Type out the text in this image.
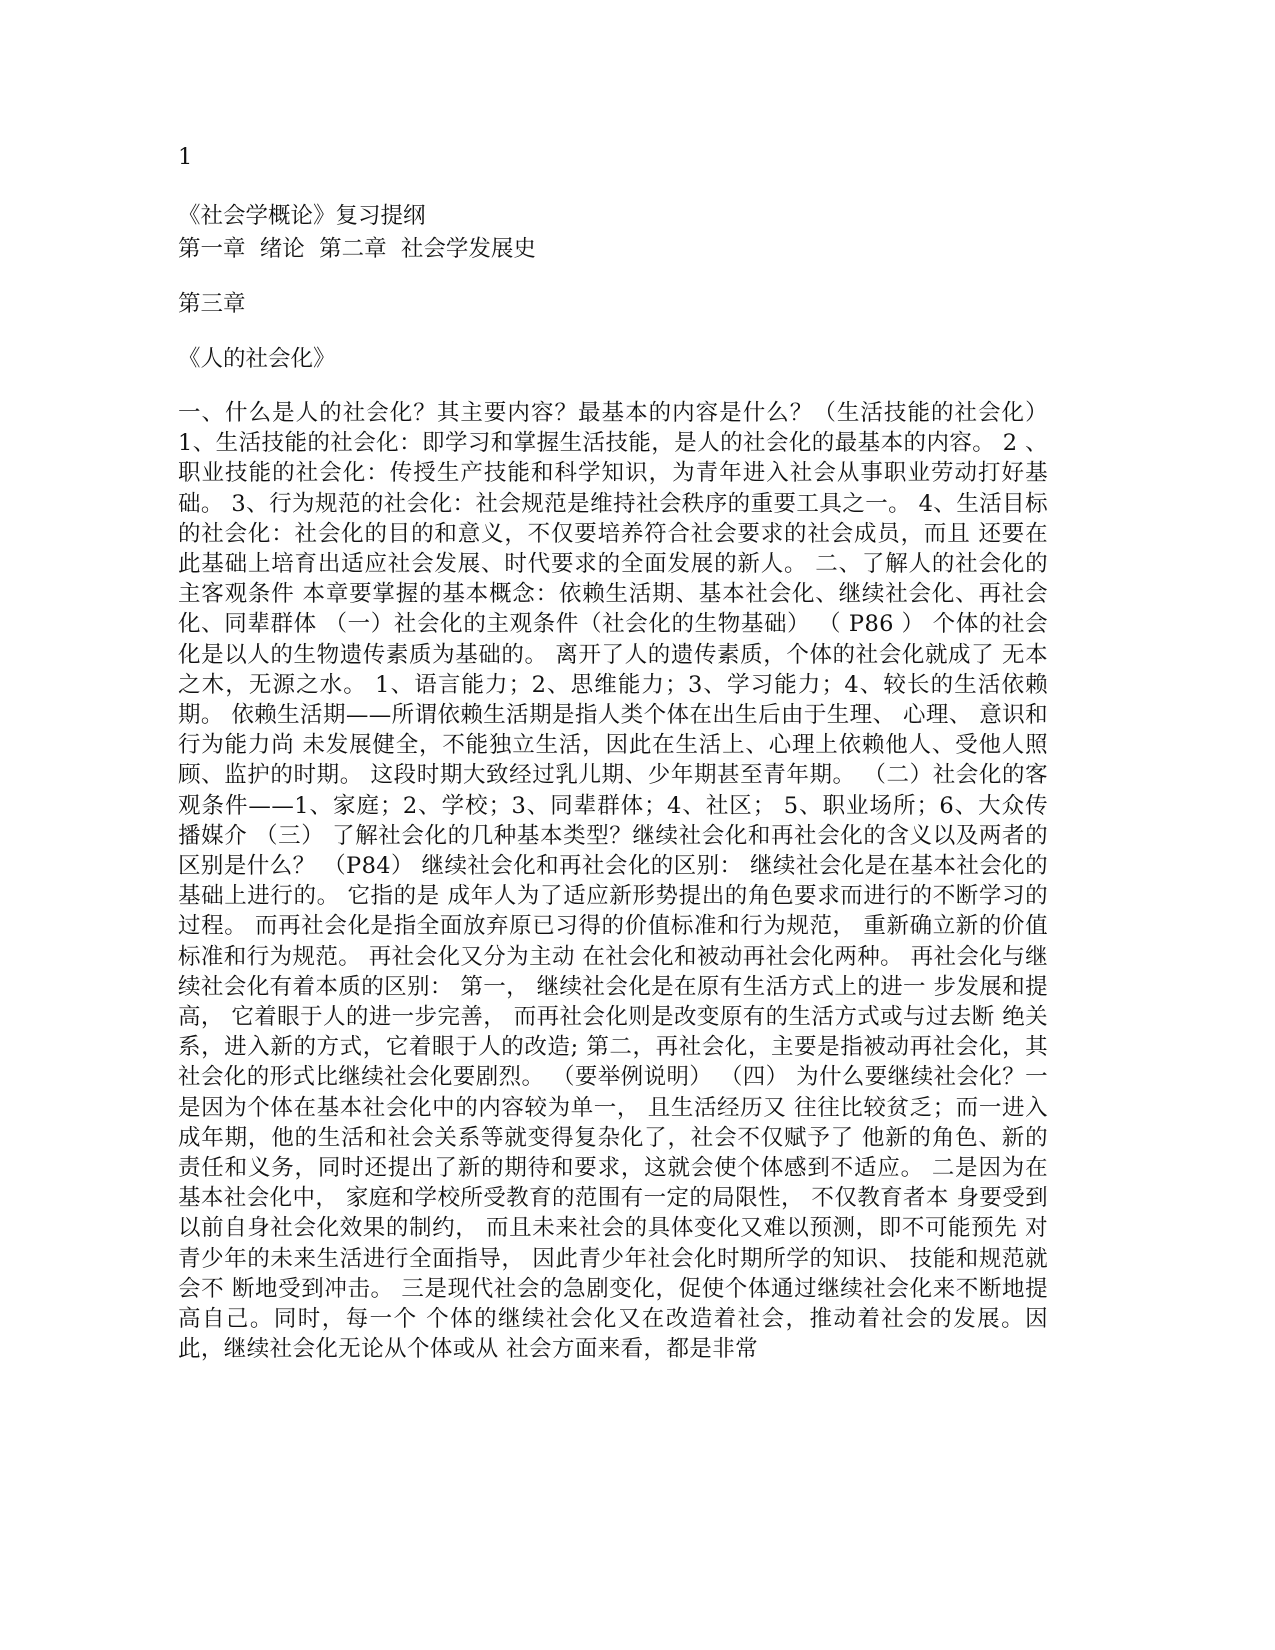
1
《社会学概论》复习提纲
第一章  绪论  第二章  社会学发展史
第三章
《人的社会化》

一、什么是人的社会化？其主要内容？最基本的内容是什么？（生活技能的社会化） 1、生活技能的社会化：即学习和掌握生活技能，是人的社会化的最基本的内容。 2 、职业技能的社会化：传授生产技能和科学知识，为青年进入社会从事职业劳动打好基础。 3、行为规范的社会化：社会规范是维持社会秩序的重要工具之一。 4、生活目标的社会化：社会化的目的和意义，不仅要培养符合社会要求的社会成员，而且 还要在此基础上培育出适应社会发展、时代要求的全面发展的新人。 二、了解人的社会化的主客观条件 本章要掌握的基本概念：依赖生活期、基本社会化、继续社会化、再社会化、同辈群体 （一）社会化的主观条件（社会化的生物基础） （ P86 ） 个体的社会化是以人的生物遗传素质为基础的。 离开了人的遗传素质，个体的社会化就成了 无本之木，无源之水。 1、语言能力；2、思维能力；3、学习能力；4、较长的生活依赖期。 依赖生活期——所谓依赖生活期是指人类个体在出生后由于生理、 心理、 意识和行为能力尚 未发展健全，不能独立生活，因此在生活上、心理上依赖他人、受他人照顾、监护的时期。 这段时期大致经过乳儿期、少年期甚至青年期。 （二）社会化的客观条件——1、家庭；2、学校；3、同辈群体；4、社区； 5、职业场所；6、大众传播媒介 （三） 了解社会化的几种基本类型？继续社会化和再社会化的含义以及两者的区别是什么？ （P84） 继续社会化和再社会化的区别： 继续社会化是在基本社会化的基础上进行的。 它指的是 成年人为了适应新形势提出的角色要求而进行的不断学习的过程。 而再社会化是指全面放弃原已习得的价值标准和行为规范， 重新确立新的价值标准和行为规范。 再社会化又分为主动 在社会化和被动再社会化两种。 再社会化与继续社会化有着本质的区别： 第一， 继续社会化是在原有生活方式上的进一 步发展和提高， 它着眼于人的进一步完善， 而再社会化则是改变原有的生活方式或与过去断 绝关系，进入新的方式，它着眼于人的改造; 第二，再社会化，主要是指被动再社会化，其 社会化的形式比继续社会化要剧烈。 （要举例说明） （四） 为什么要继续社会化？一是因为个体在基本社会化中的内容较为单一， 且生活经历又 往往比较贫乏；而一进入成年期，他的生活和社会关系等就变得复杂化了，社会不仅赋予了 他新的角色、新的责任和义务，同时还提出了新的期待和要求，这就会使个体感到不适应。 二是因为在基本社会化中， 家庭和学校所受教育的范围有一定的局限性， 不仅教育者本 身要受到以前自身社会化效果的制约， 而且未来社会的具体变化又难以预测，即不可能预先 对青少年的未来生活进行全面指导， 因此青少年社会化时期所学的知识、 技能和规范就会不 断地受到冲击。 三是现代社会的急剧变化，促使个体通过继续社会化来不断地提高自己。同时，每一个 个体的继续社会化又在改造着社会，推动着社会的发展。因此，继续社会化无论从个体或从 社会方面来看，都是非常
